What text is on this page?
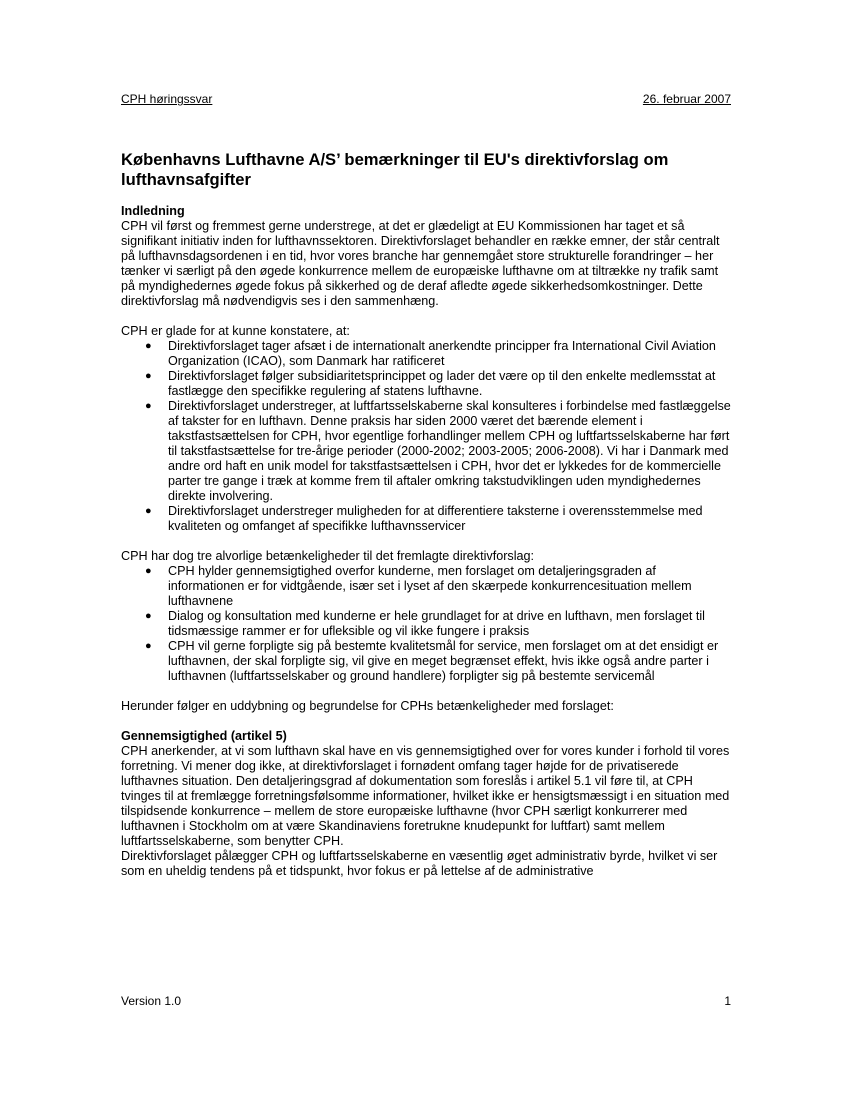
CPH høringssvar	26. februar 2007
Københavns Lufthavne A/S’ bemærkninger til EU's direktivforslag om lufthavnsafgifter
Indledning

CPH vil først og fremmest gerne understrege, at det er glædeligt at EU Kommissionen har taget et så signifikant initiativ inden for lufthavnssektoren. Direktivforslaget behandler en række emner, der står centralt på lufthavnsdagsordenen i en tid, hvor vores branche har gennemgået store strukturelle forandringer – her tænker vi særligt på den øgede konkurrence mellem de europæiske lufthavne om at tiltrække ny trafik samt på myndighedernes øgede fokus på sikkerhed og de deraf afledte øgede sikkerhedsomkostninger. Dette direktivforslag må nødvendigvis ses i den sammenhæng.

CPH er glade for at kunne konstatere, at:

● Direktivforslaget tager afsæt i de internationalt anerkendte principper fra International Civil Aviation Organization (ICAO), som Danmark har ratificeret
● Direktivforslaget følger subsidiaritetsprincippet og lader det være op til den enkelte medlemsstat at fastlægge den specifikke regulering af statens lufthavne.
● Direktivforslaget understreger, at luftfartsselskaberne skal konsulteres i forbindelse med fastlæggelse af takster for en lufthavn. Denne praksis har siden 2000 været det bærende element i takstfastsættelsen for CPH, hvor egentlige forhandlinger mellem CPH og luftfartsselskaberne har ført til takstfastsættelse for tre-årige perioder (2000-2002; 2003-2005; 2006-2008). Vi har i Danmark med andre ord haft en unik model for takstfastsættelsen i CPH, hvor det er lykkedes for de kommercielle parter tre gange i træk at komme frem til aftaler omkring takstudviklingen uden myndighedernes direkte involvering.
● Direktivforslaget understreger muligheden for at differentiere taksterne i overensstemmelse med kvaliteten og omfanget af specifikke lufthavnsservicer

CPH har dog tre alvorlige betænkeligheder til det fremlagte direktivforslag:

● CPH hylder gennemsigtighed overfor kunderne, men forslaget om detaljeringsgraden af informationen er for vidtgående, især set i lyset af den skærpede konkurrencesituation mellem lufthavnene
● Dialog og konsultation med kunderne er hele grundlaget for at drive en lufthavn, men forslaget til tidsmæssige rammer er for ufleksible og vil ikke fungere i praksis
● CPH vil gerne forpligte sig på bestemte kvalitetsmål for service, men forslaget om at det ensidigt er lufthavnen, der skal forpligte sig, vil give en meget begrænset effekt, hvis ikke også andre parter i lufthavnen (luftfartsselskaber og ground handlere) forpligter sig på bestemte servicemål

Herunder følger en uddybning og begrundelse for CPHs betænkeligheder med forslaget:

Gennemsigtighed (artikel 5)

CPH anerkender, at vi som lufthavn skal have en vis gennemsigtighed over for vores kunder i forhold til vores forretning. Vi mener dog ikke, at direktivforslaget i fornødent omfang tager højde for de privatiserede lufthavnes situation. Den detaljeringsgrad af dokumentation som foreslås i artikel 5.1 vil føre til, at CPH tvinges til at fremlægge forretningsfølsomme informationer, hvilket ikke er hensigtsmæssigt i en situation med tilspidsende konkurrence – mellem de store europæiske lufthavne (hvor CPH særligt konkurrerer med lufthavnen i Stockholm om at være Skandinaviens foretrukne knudepunkt for luftfart) samt mellem luftfartsselskaberne, som benytter CPH.

Direktivforslaget pålægger CPH og luftfartsselskaberne en væsentlig øget administrativ byrde, hvilket vi ser som en uheldig tendens på et tidspunkt, hvor fokus er på lettelse af de administrative

Version 1.0	1
